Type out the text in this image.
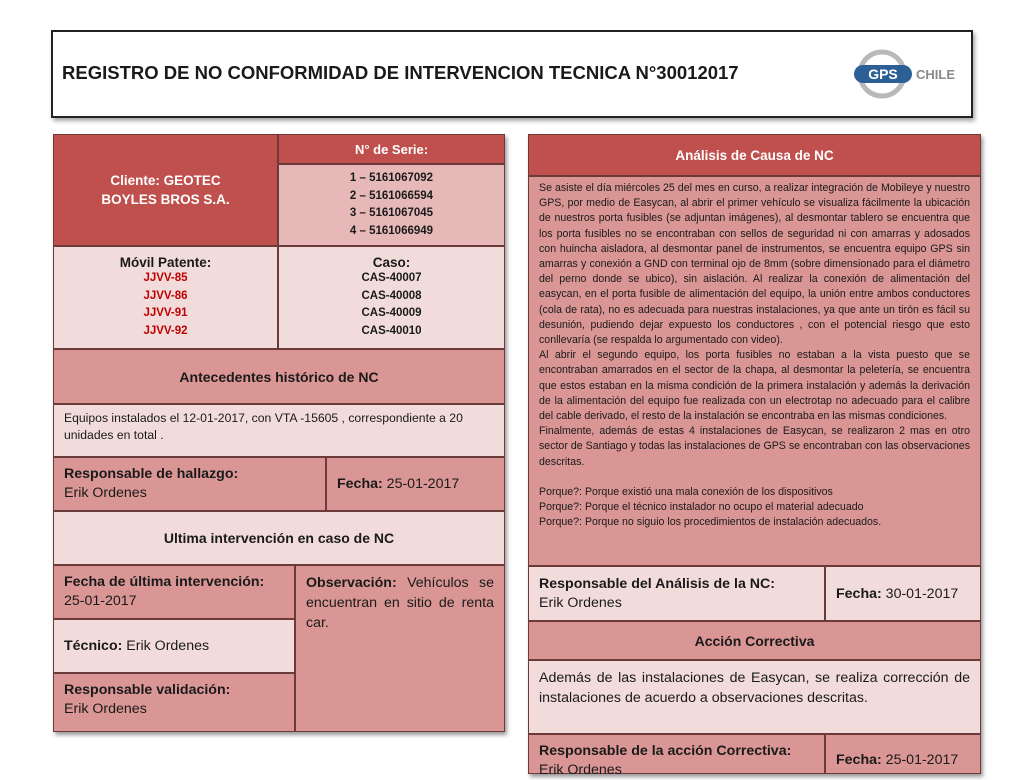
REGISTRO DE NO CONFORMIDAD DE INTERVENCION TECNICA N°30012017	GPS CHILE
Cliente: GEOTEC BOYLES BROS S.A.
N° de Serie:
1 – 5161067092
2 – 5161066594
3 – 5161067045
4 – 5161066949
Móvil Patente:
JJVV-85
JJVV-86
JJVV-91
JJVV-92
Caso:
CAS-40007
CAS-40008
CAS-40009
CAS-40010
Antecedentes histórico de NC
Equipos instalados el 12-01-2017, con VTA -15605 , correspondiente a 20 unidades en total .
Responsable de hallazgo:
Erik Ordenes
Fecha: 25-01-2017
Ultima intervención en caso de NC
Fecha de última intervención:
25-01-2017
Observación: Vehículos se encuentran en sitio de renta car.
Técnico: Erik Ordenes
Responsable validación:
Erik Ordenes
Análisis de Causa de NC

Se asiste el día miércoles 25 del mes en curso, a realizar integración de Mobileye y nuestro GPS, por medio de Easycan, al abrir el primer vehículo se visualiza fácilmente la ubicación de nuestros porta fusibles (se adjuntan imágenes), al desmontar tablero se encuentra que los porta fusibles no se encontraban con sellos de seguridad ni con amarras y adosados con huincha aisladora, al desmontar panel de instrumentos, se encuentra equipo GPS sin amarras y conexión a GND con terminal ojo de 8mm (sobre dimensionado para el diámetro del perno donde se ubico), sin aislación. Al realizar la conexión de alimentación del easycan, en el porta fusible de alimentación del equipo, la unión entre ambos conductores (cola de rata), no es adecuada para nuestras instalaciones, ya que ante un tirón es fácil su desunión, pudiendo dejar expuesto los conductores , con el potencial riesgo que esto conllevaría (se respalda lo argumentado con video).

Al abrir el segundo equipo, los porta fusibles no estaban a la vista puesto que se encontraban amarrados en el sector de la chapa, al desmontar la peletería, se encuentra que estos estaban en la misma condición de la primera instalación y además la derivación de la alimentación del equipo fue realizada con un electrotap no adecuado para el calibre del cable derivado, el resto de la instalación se encontraba en las mismas condiciones.

Finalmente, además de estas 4 instalaciones de Easycan, se realizaron 2 mas en otro sector de Santiago y todas las instalaciones de GPS se encontraban con las observaciones descritas.

Porque?: Porque existió una mala conexión de los dispositivos

Porque?: Porque el técnico instalador no ocupo el material adecuado

Porque?: Porque no siguio los procedimientos de instalación adecuados.

Responsable del Análisis de la NC:
Erik Ordenes
Fecha: 30-01-2017
Acción Correctiva
Además de las instalaciones de Easycan, se realiza corrección de instalaciones de acuerdo a observaciones descritas.
Responsable de la acción Correctiva:
Erik Ordenes
Fecha: 25-01-2017
